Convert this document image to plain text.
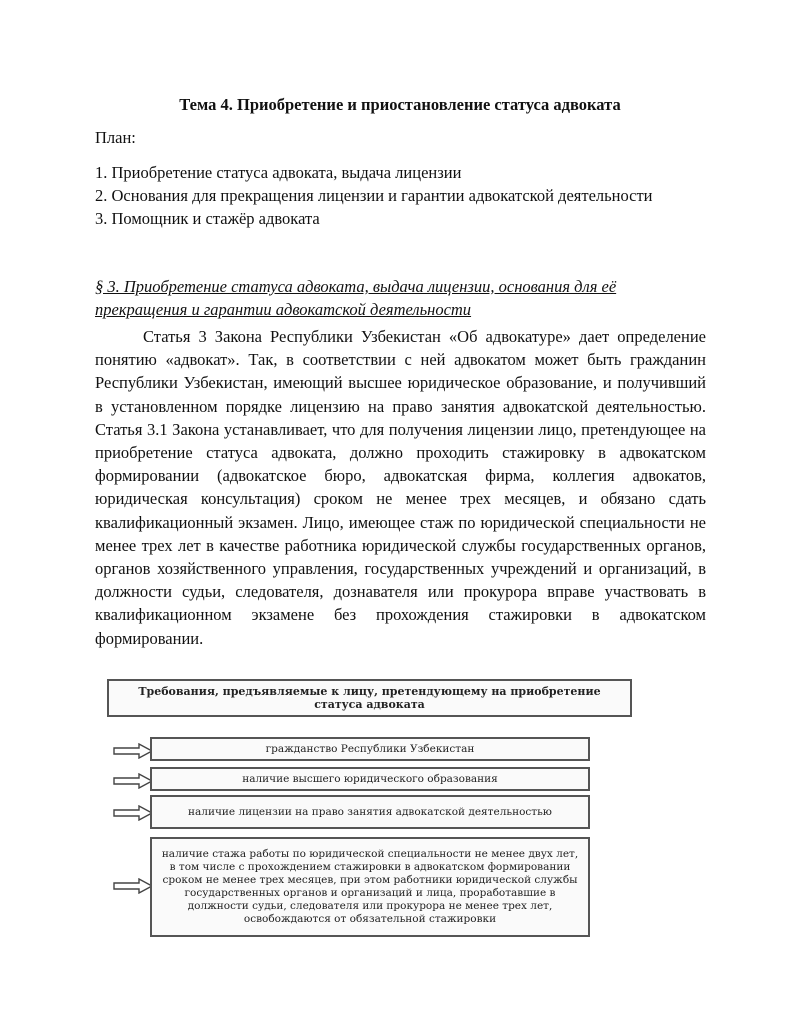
Тема 4. Приобретение и приостановление статуса адвоката
План:
1. Приобретение статуса адвоката, выдача лицензии
2. Основания для прекращения лицензии и гарантии адвокатской деятельности
3. Помощник и стажёр адвоката
§ 3. Приобретение статуса адвоката, выдача лицензии, основания для её прекращения и гарантии адвокатской деятельности
Статья 3 Закона Республики Узбекистан «Об адвокатуре» дает определение понятию «адвокат». Так, в соответствии с ней адвокатом может быть гражданин Республики Узбекистан, имеющий высшее юридическое образование, и получивший в установленном порядке лицензию на право занятия адвокатской деятельностью. Статья 3.1 Закона устанавливает, что для получения лицензии лицо, претендующее на приобретение статуса адвоката, должно проходить стажировку в адвокатском формировании (адвокатское бюро, адвокатская фирма, коллегия адвокатов, юридическая консультация) сроком не менее трех месяцев, и обязано сдать квалификационный экзамен. Лицо, имеющее стаж по юридической специальности не менее трех лет в качестве работника юридической службы государственных органов, органов хозяйственного управления, государственных учреждений и организаций, в должности судьи, следователя, дознавателя или прокурора вправе участвовать в квалификационном экзамене без прохождения стажировки в адвокатском формировании.
Требования, предъявляемые к лицу, претендующему на приобретение статуса адвоката
гражданство Республики Узбекистан
наличие высшего юридического образования
наличие лицензии на право занятия адвокатской деятельностью
наличие стажа работы по юридической специальности не менее двух лет, в том числе с прохождением стажировки в адвокатском формировании сроком не менее трех месяцев, при этом работники юридической службы государственных органов и организаций и лица, проработавшие в должности судьи, следователя или прокурора не менее трех лет, освобождаются от обязательной стажировки
